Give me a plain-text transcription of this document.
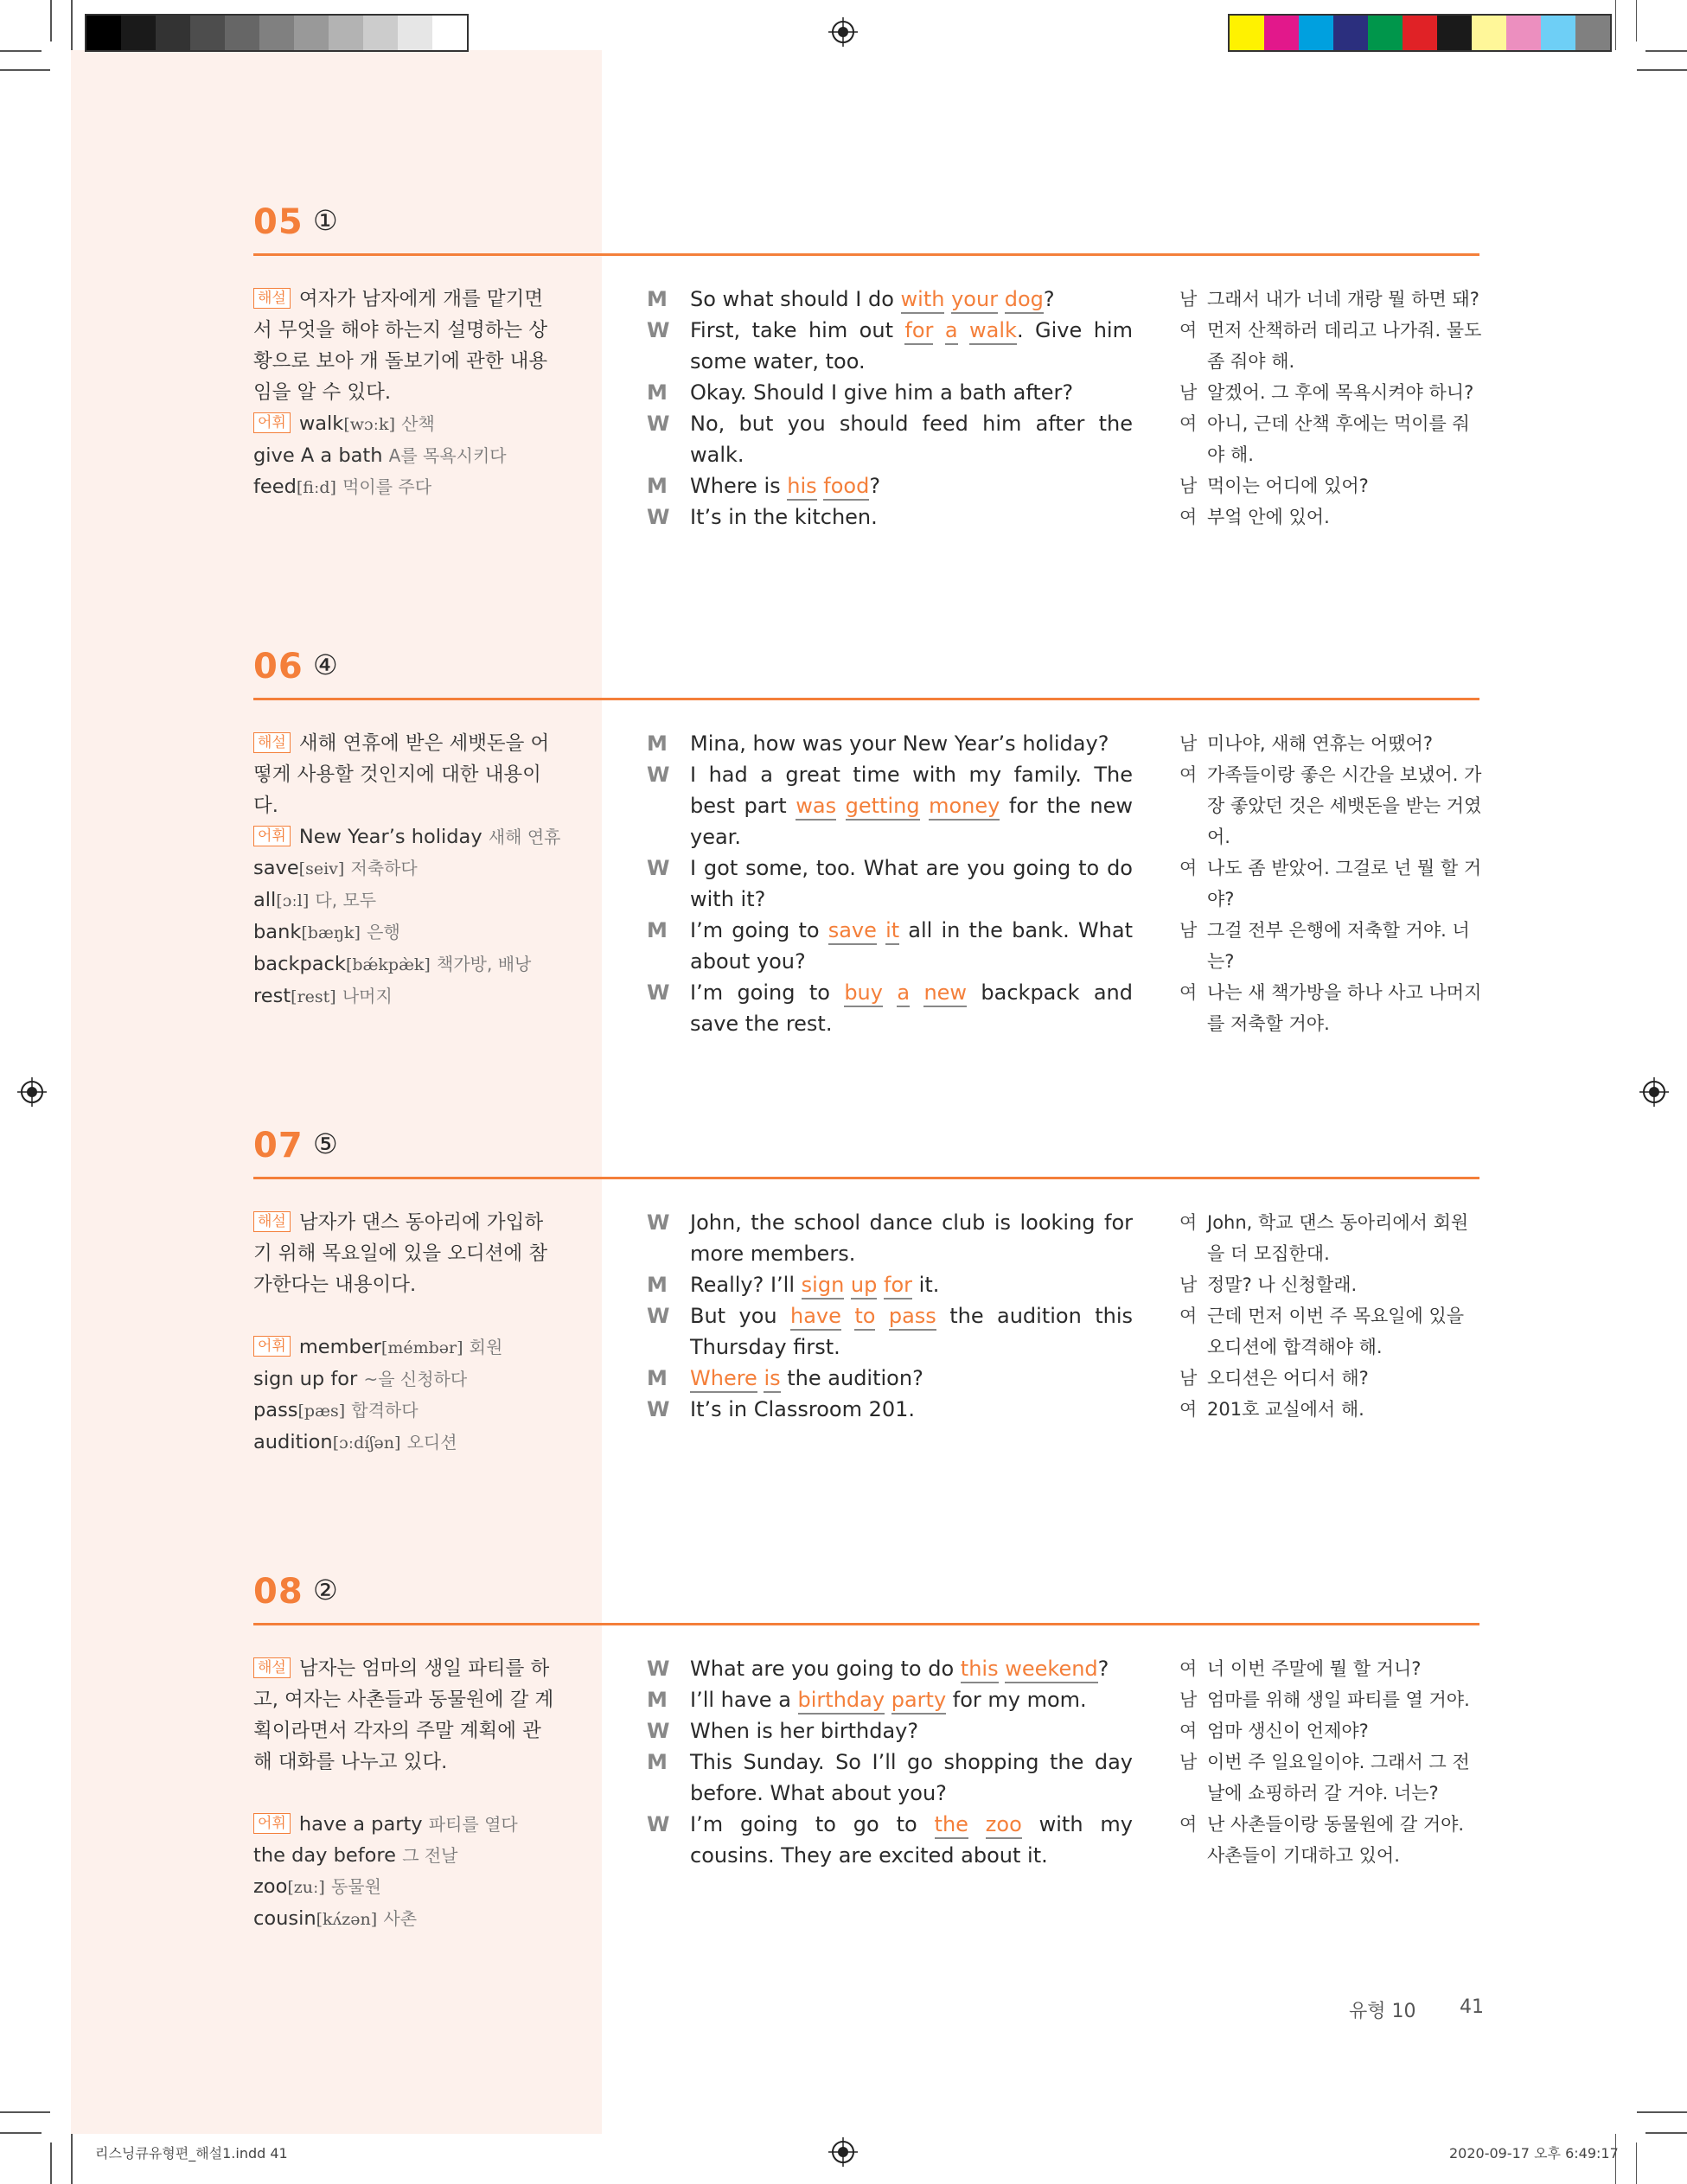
05 ①
해설 여자가 남자에게 개를 맡기면서 무엇을 해야 하는지 설명하는 상황으로 보아 개 돌보기에 관한 내용임을 알 수 있다.
어휘 walk[wɔːk] 산책
give A a bath A를 목욕시키다
feed[fiːd] 먹이를 주다
M So what should I do with your dog?
W First, take him out for a walk. Give him some water, too.
M Okay. Should I give him a bath after?
W No, but you should feed him after the walk.
M Where is his food?
W It’s in the kitchen.
남 그래서 내가 너네 개랑 뭘 하면 돼?
여 먼저 산책하러 데리고 나가줘. 물도 좀 줘야 해.
남 알겠어. 그 후에 목욕시켜야 하니?
여 아니, 근데 산책 후에는 먹이를 줘야 해.
남 먹이는 어디에 있어?
여 부엌 안에 있어.
06 ④
해설 새해 연휴에 받은 세뱃돈을 어떻게 사용할 것인지에 대한 내용이다.
어휘 New Year’s holiday 새해 연휴
save[seiv] 저축하다
all[ɔːl] 다, 모두
bank[bæŋk] 은행
backpack[bǽkpæ̀k] 책가방, 배낭
rest[rest] 나머지
M Mina, how was your New Year’s holiday?
W I had a great time with my family. The best part was getting money for the new year.
W I got some, too. What are you going to do with it?
M I’m going to save it all in the bank. What about you?
W I’m going to buy a new backpack and save the rest.
남 미나야, 새해 연휴는 어땠어?
여 가족들이랑 좋은 시간을 보냈어. 가장 좋았던 것은 세뱃돈을 받는 거였어.
여 나도 좀 받았어. 그걸로 넌 뭘 할 거야?
남 그걸 전부 은행에 저축할 거야. 너는?
여 나는 새 책가방을 하나 사고 나머지를 저축할 거야.
07 ⑤
해설 남자가 댄스 동아리에 가입하기 위해 목요일에 있을 오디션에 참가한다는 내용이다.
어휘 member[mémbər] 회원
sign up for ~을 신청하다
pass[pæs] 합격하다
audition[ɔːdíʃən] 오디션
W John, the school dance club is looking for more members.
M Really? I’ll sign up for it.
W But you have to pass the audition this Thursday first.
M Where is the audition?
W It’s in Classroom 201.
여 John, 학교 댄스 동아리에서 회원을 더 모집한대.
남 정말? 나 신청할래.
여 근데 먼저 이번 주 목요일에 있을 오디션에 합격해야 해.
남 오디션은 어디서 해?
여 201호 교실에서 해.
08 ②
해설 남자는 엄마의 생일 파티를 하고, 여자는 사촌들과 동물원에 갈 계획이라면서 각자의 주말 계획에 관해 대화를 나누고 있다.
어휘 have a party 파티를 열다
the day before 그 전날
zoo[zuː] 동물원
cousin[kʌ́zən] 사촌
W What are you going to do this weekend?
M I’ll have a birthday party for my mom.
W When is her birthday?
M This Sunday. So I’ll go shopping the day before. What about you?
W I’m going to go to the zoo with my cousins. They are excited about it.
여 너 이번 주말에 뭘 할 거니?
남 엄마를 위해 생일 파티를 열 거야.
여 엄마 생신이 언제야?
남 이번 주 일요일이야. 그래서 그 전날에 쇼핑하러 갈 거야. 너는?
여 난 사촌들이랑 동물원에 갈 거야. 사촌들이 기대하고 있어.
유형 10 41
리스닝큐유형편_해설1.indd 41	2020-09-17 오후 6:49:17
